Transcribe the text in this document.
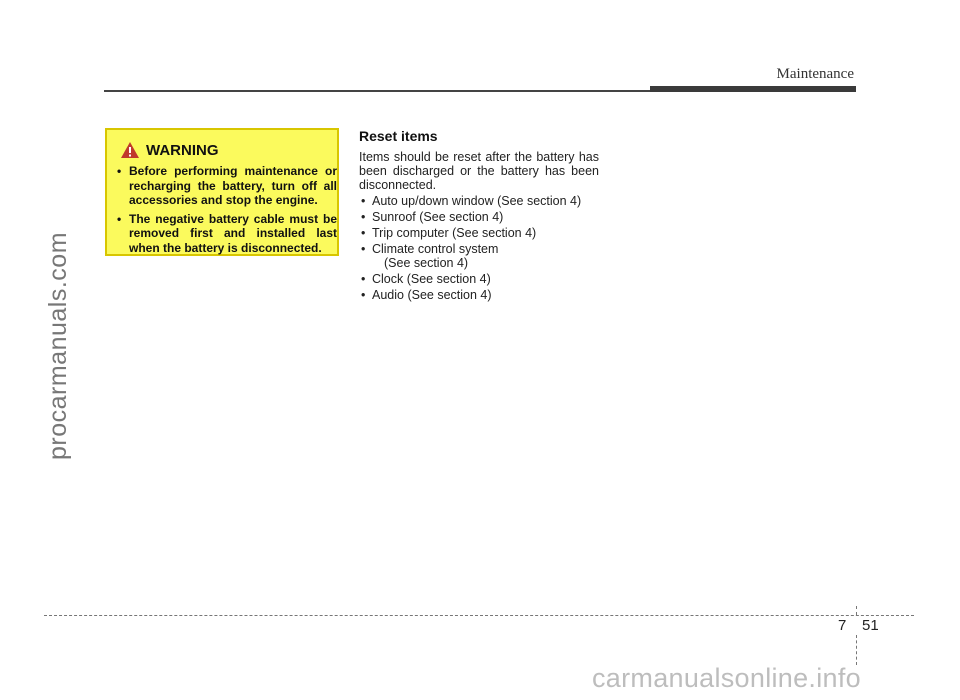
Maintenance
procarmanuals.com
WARNING
• Before performing maintenance or recharging the battery, turn off all accessories and stop the engine.
• The negative battery cable must be removed first and installed last when the battery is disconnected.
Reset items

Items should be reset after the battery has been discharged or the battery has been disconnected.

• Auto up/down window (See section 4)
• Sunroof (See section 4)
• Trip computer (See section 4)
• Climate control system
(See section 4)
• Clock (See section 4)
• Audio (See section 4)
7 51
carmanualsonline.info
